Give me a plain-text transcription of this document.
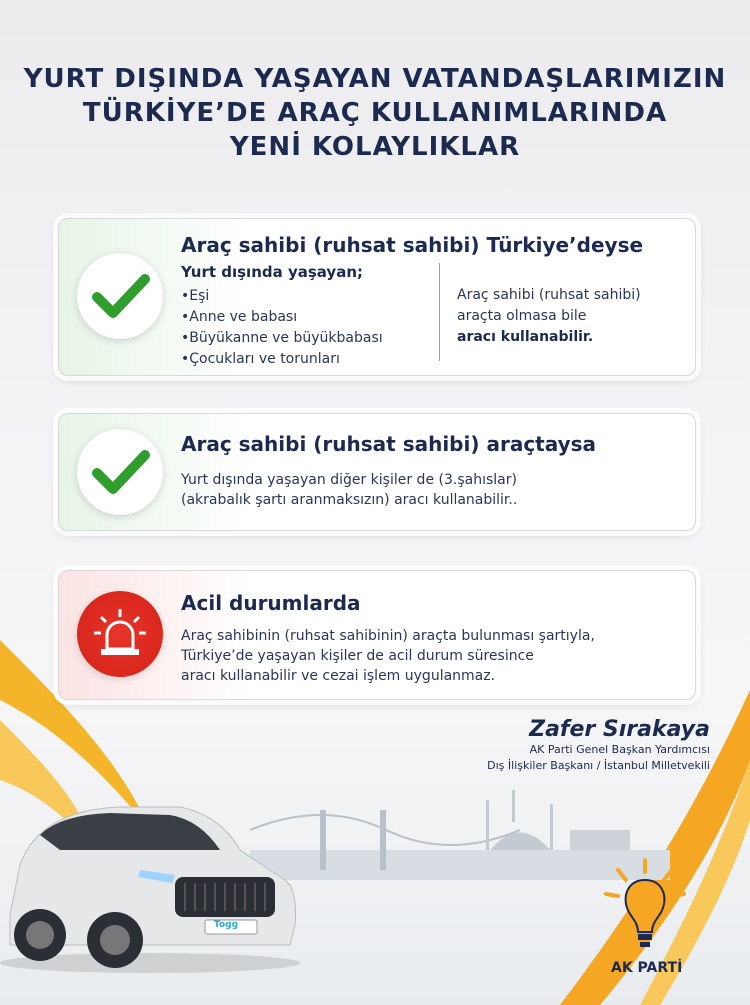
YURT DIŞINDA YAŞAYAN VATANDAŞLARIMIZIN
TÜRKİYE’DE ARAÇ KULLANIMLARINDA
YENİ KOLAYLIKLAR
Araç sahibi (ruhsat sahibi) Türkiye’deyse
Yurt dışında yaşayan;
•Eşi
•Anne ve babası
•Büyükanne ve büyükbabası
•Çocukları ve torunları
Araç sahibi (ruhsat sahibi)
araçta olmasa bile
aracı kullanabilir.
Araç sahibi (ruhsat sahibi) araçtaysa
Yurt dışında yaşayan diğer kişiler de (3.şahıslar)
(akrabalık şartı aranmaksızın) aracı kullanabilir..
Acil durumlarda
Araç sahibinin (ruhsat sahibinin) araçta bulunması şartıyla,
Türkiye’de yaşayan kişiler de acil durum süresince
aracı kullanabilir ve cezai işlem uygulanmaz.
Zafer Sırakaya
AK Parti Genel Başkan Yardımcısı
Dış İlişkiler Başkanı / İstanbul Milletvekili
Togg
AK PARTİ
